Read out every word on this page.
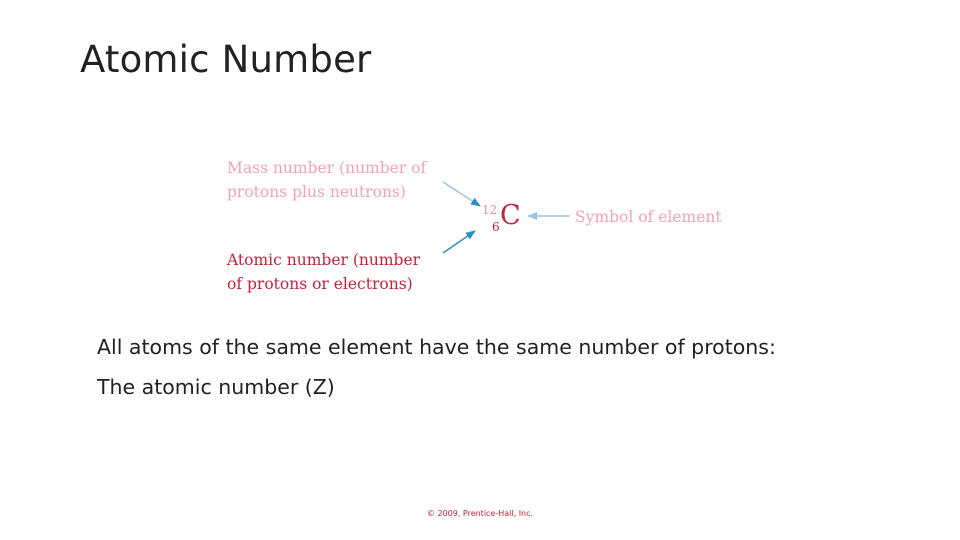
Atomic Number
Mass number (number of
protons plus neutrons)
Atomic number (number
of protons or electrons)
Symbol of element
12
6 C
All atoms of the same element have the same number of protons:
The atomic number (Z)
© 2009, Prentice-Hall, Inc.
